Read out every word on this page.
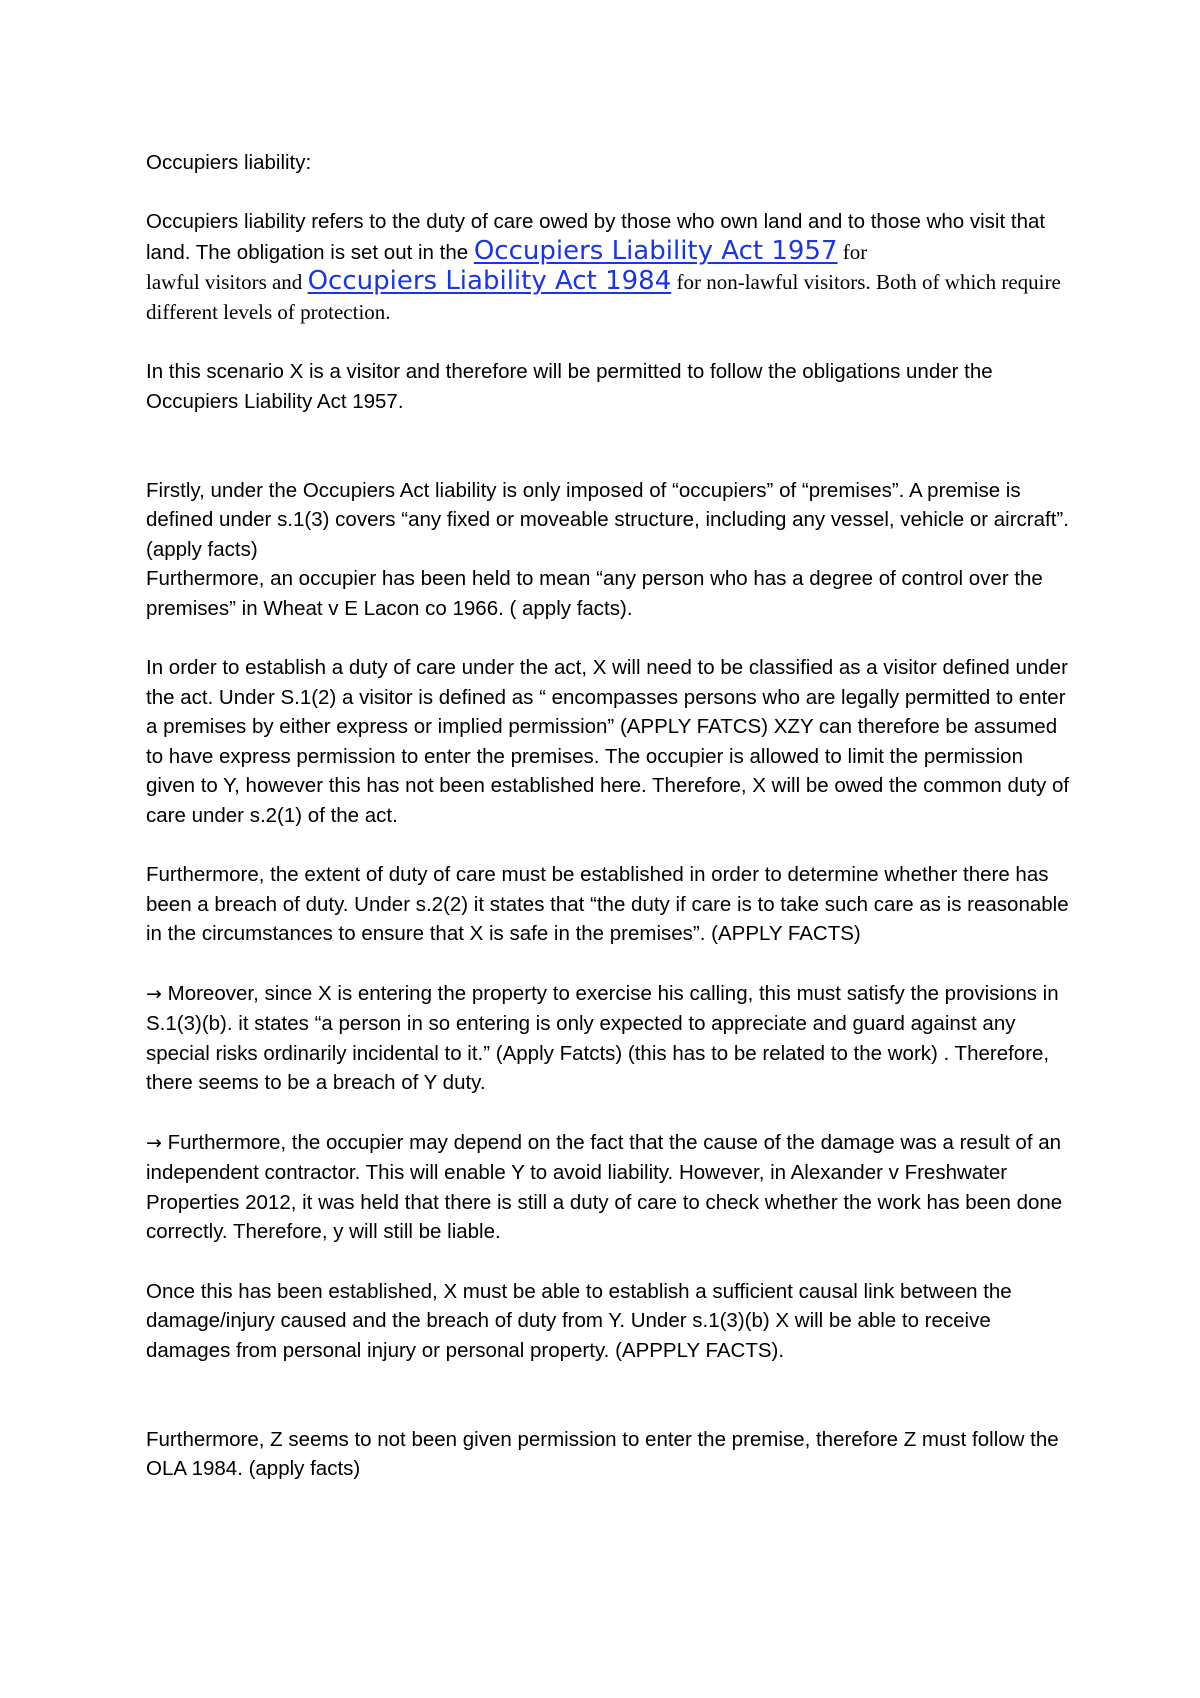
Occupiers liability:

Occupiers liability refers to the duty of care owed by those who own land and to those who visit that land. The obligation is set out in the Occupiers Liability Act 1957 for
lawful visitors and Occupiers Liability Act 1984 for non-lawful visitors. Both of which require different levels of protection.

In this scenario X is a visitor and therefore will be permitted to follow the obligations under the Occupiers Liability Act 1957.

Firstly, under the Occupiers Act liability is only imposed of “occupiers” of “premises”. A premise is defined under s.1(3) covers “any fixed or moveable structure, including any vessel, vehicle or aircraft”. (apply facts)

Furthermore, an occupier has been held to mean “any person who has a degree of control over the premises” in Wheat v E Lacon co 1966. ( apply facts).

In order to establish a duty of care under the act, X will need to be classified as a visitor defined under the act. Under S.1(2) a visitor is defined as “ encompasses persons who are legally permitted to enter a premises by either express or implied permission” (APPLY FATCS) XZY can therefore be assumed to have express permission to enter the premises. The occupier is allowed to limit the permission given to Y, however this has not been established here. Therefore, X will be owed the common duty of care under s.2(1) of the act.

Furthermore, the extent of duty of care must be established in order to determine whether there has been a breach of duty. Under s.2(2) it states that “the duty if care is to take such care as is reasonable in the circumstances to ensure that X is safe in the premises”. (APPLY FACTS)

→ Moreover, since X is entering the property to exercise his calling, this must satisfy the provisions in S.1(3)(b). it states “a person in so entering is only expected to appreciate and guard against any special risks ordinarily incidental to it.” (Apply Fatcts) (this has to be related to the work) . Therefore, there seems to be a breach of Y duty.

→ Furthermore, the occupier may depend on the fact that the cause of the damage was a result of an independent contractor. This will enable Y to avoid liability. However, in Alexander v Freshwater Properties 2012, it was held that there is still a duty of care to check whether the work has been done correctly. Therefore, y will still be liable.

Once this has been established, X must be able to establish a sufficient causal link between the damage/injury caused and the breach of duty from Y. Under s.1(3)(b) X will be able to receive damages from personal injury or personal property. (APPPLY FACTS).

Furthermore, Z seems to not been given permission to enter the premise, therefore Z must follow the OLA 1984. (apply facts)
